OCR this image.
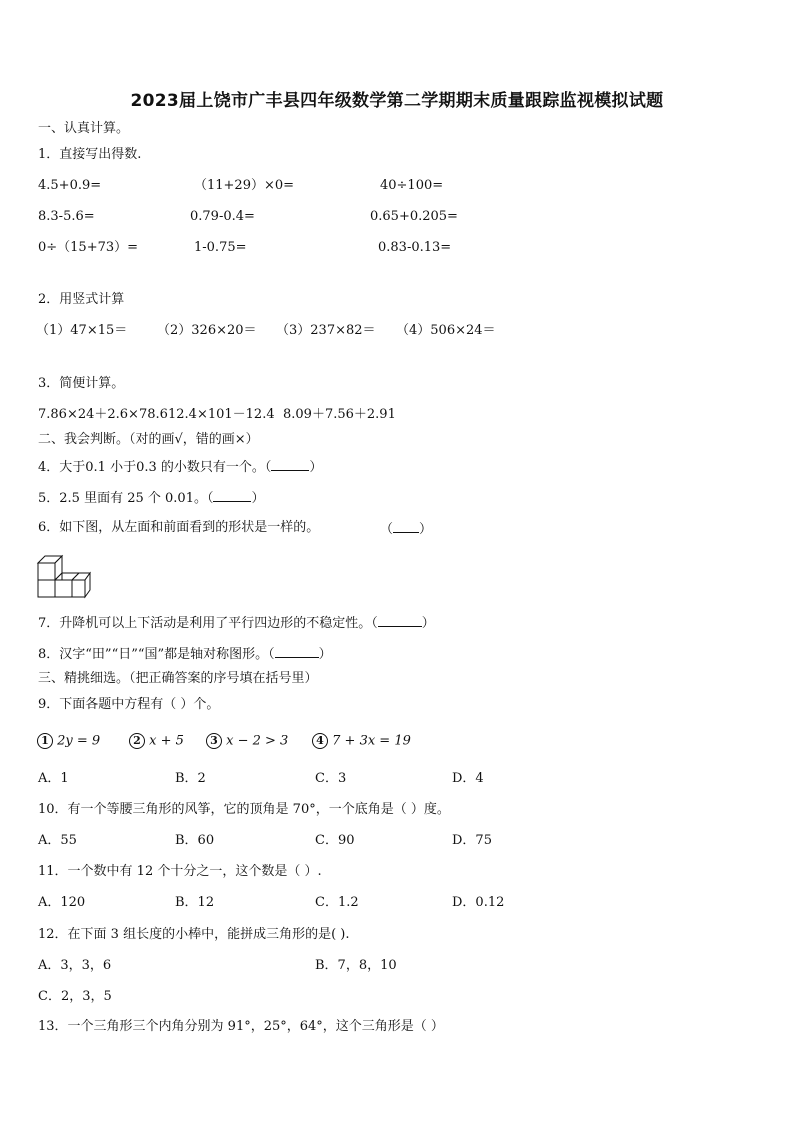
2023届上饶市广丰县四年级数学第二学期期末质量跟踪监视模拟试题
一、认真计算。
1．直接写出得数.
4.5+0.9=	（11+29）×0=	40÷100=
8.3-5.6=	0.79-0.4=	0.65+0.205=
0÷（15+73）=	1-0.75=	0.83-0.13=
2．用竖式计算
（1）47×15＝ （2）326×20＝ （3）237×82＝ （4）506×24＝
3．简便计算。
7.86×24＋2.6×78.6 12.4×101－12.4 8.09＋7.56＋2.91
二、我会判断。（对的画√，错的画×）
4．大于0.1 小于0.3 的小数只有一个。（	）
5．2.5 里面有 25 个 0.01。（	）
6．如下图，从左面和前面看到的形状是一样的。	（ ）
7．升降机可以上下活动是利用了平行四边形的不稳定性。（	）
8．汉字“田”“日”“国”都是轴对称图形。（	）
三、精挑细选。（把正确答案的序号填在括号里）
9．下面各题中方程有（ ）个。
1 2y = 9	2 x + 5	3 x − 2 > 3	4 7 + 3x = 19
A．1	B．2	C．3	D．4
10．有一个等腰三角形的风筝，它的顶角是 70°，一个底角是（ ）度。
A．55	B．60	C．90	D．75
11．一个数中有 12 个十分之一，这个数是（ ）.
A．120	B．12	C．1.2	D．0.12
12．在下面 3 组长度的小棒中，能拼成三角形的是( ).
A．3，3，6	B．7，8，10
C．2，3，5
13．一个三角形三个内角分别为 91°，25°，64°，这个三角形是（ ）
